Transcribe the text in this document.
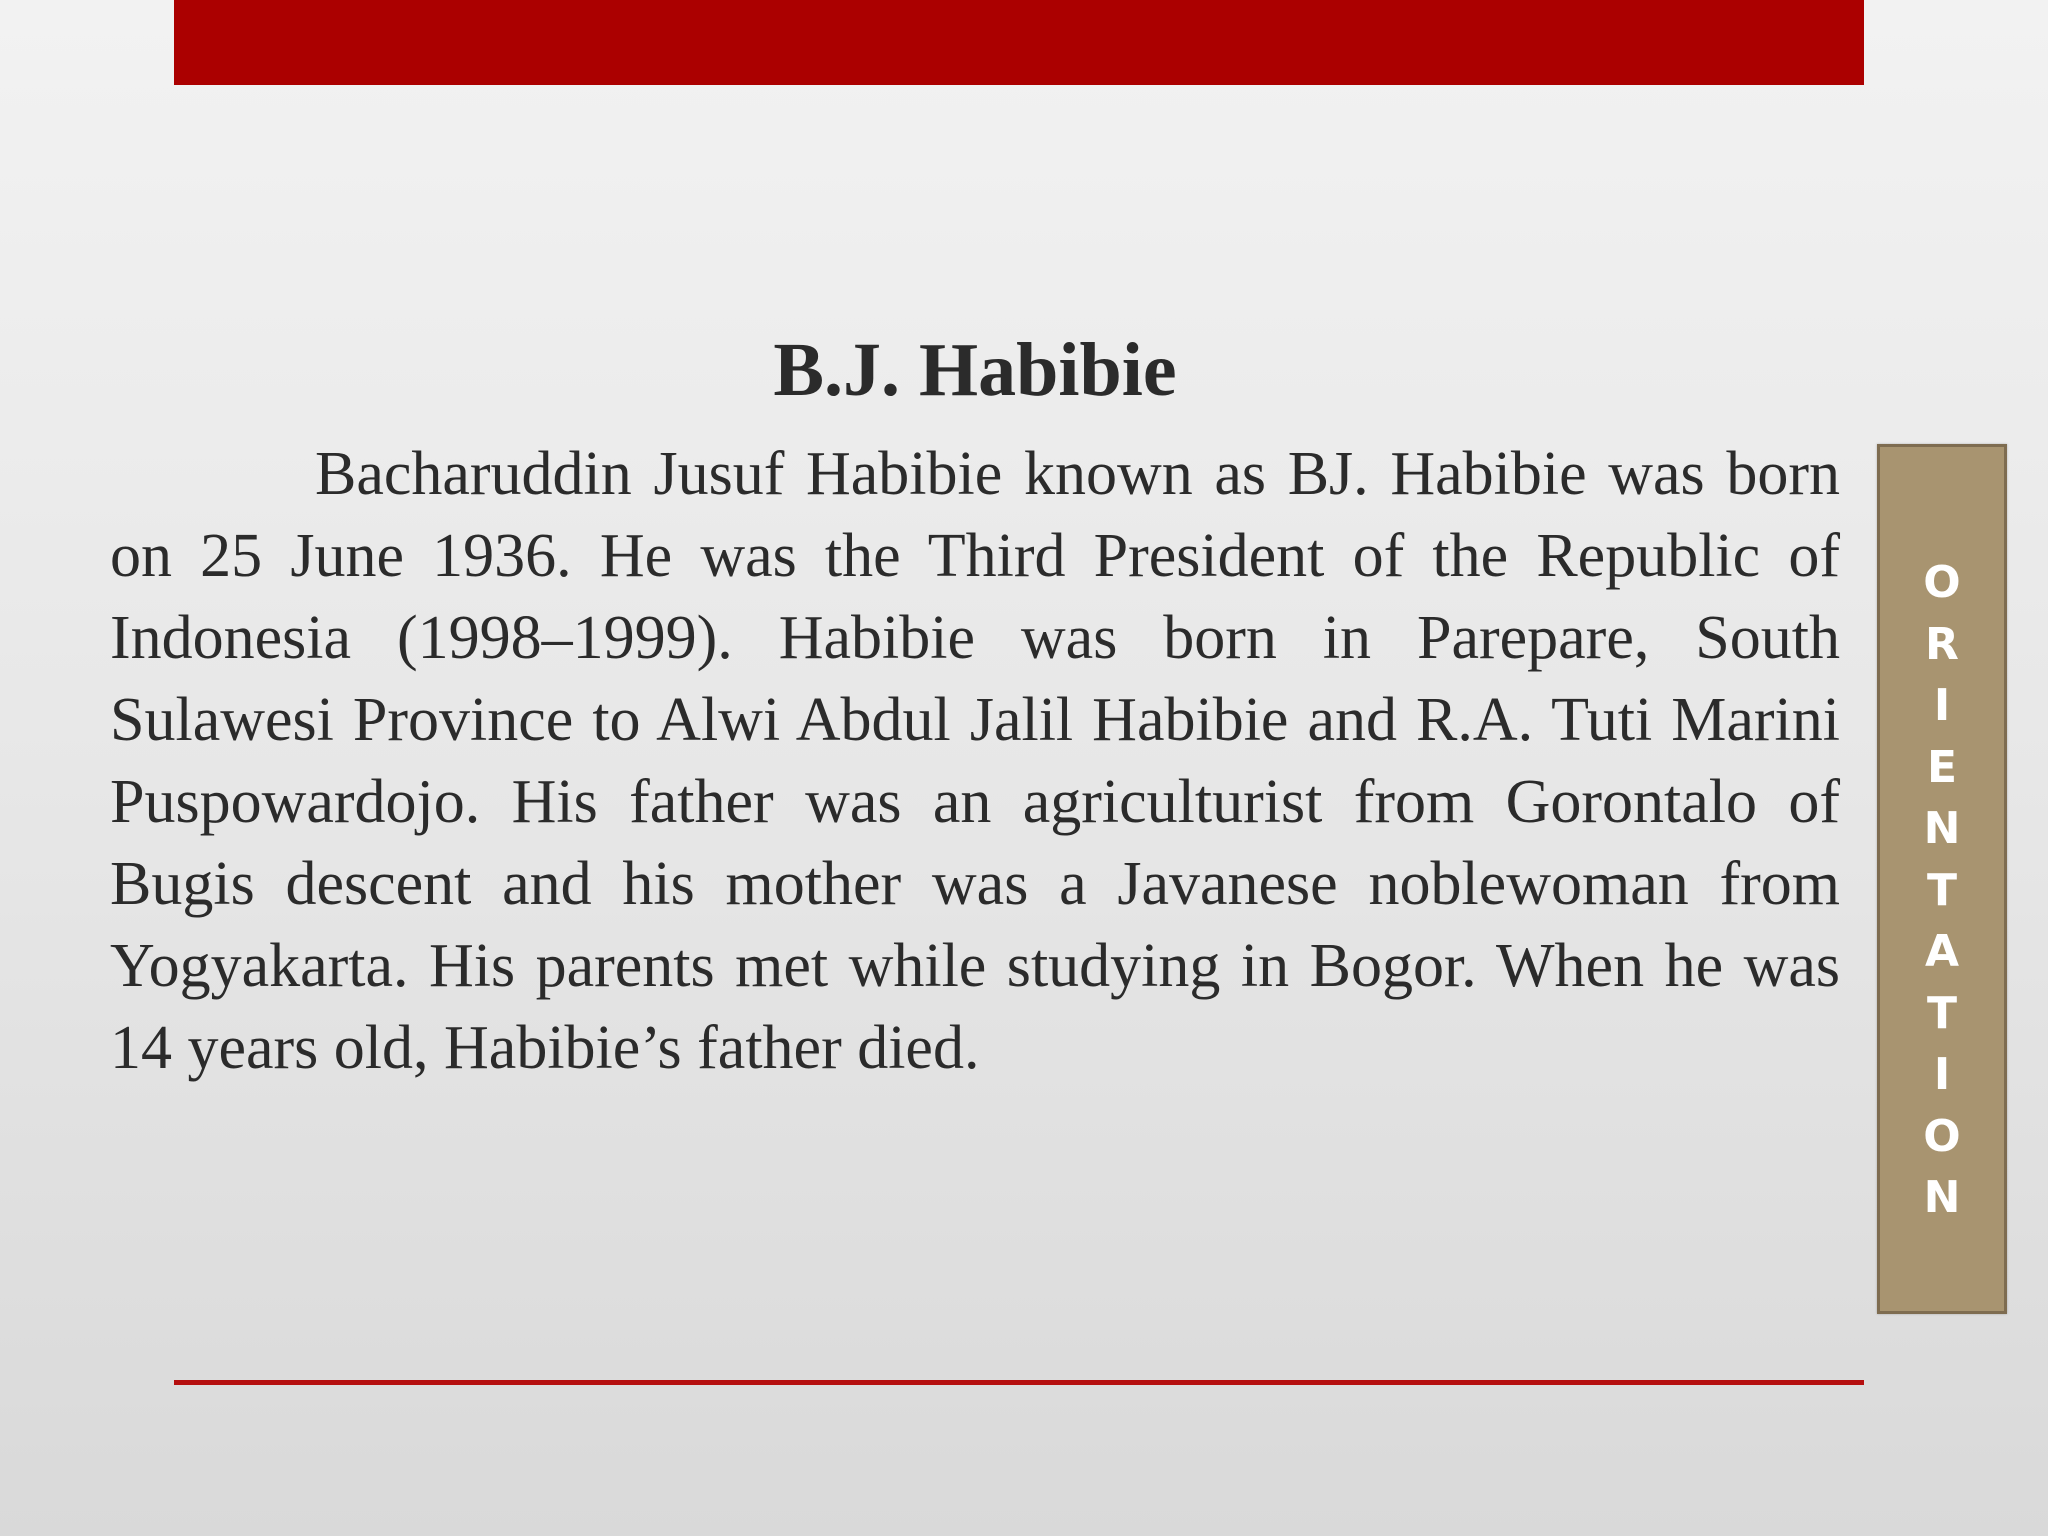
B.J. Habibie

Bacharuddin Jusuf Habibie known as BJ. Habibie was born on 25 June 1936. He was the Third President of the Republic of Indonesia (1998–1999). Habibie was born in Parepare, South Sulawesi Province to Alwi Abdul Jalil Habibie and R.A. Tuti Marini Puspowardojo. His father was an agriculturist from Gorontalo of Bugis descent and his mother was a Javanese noblewoman from Yogyakarta. His parents met while studying in Bogor. When he was 14 years old, Habibie’s father died.

O
R
I
E
N
T
A
T
I
O
N
